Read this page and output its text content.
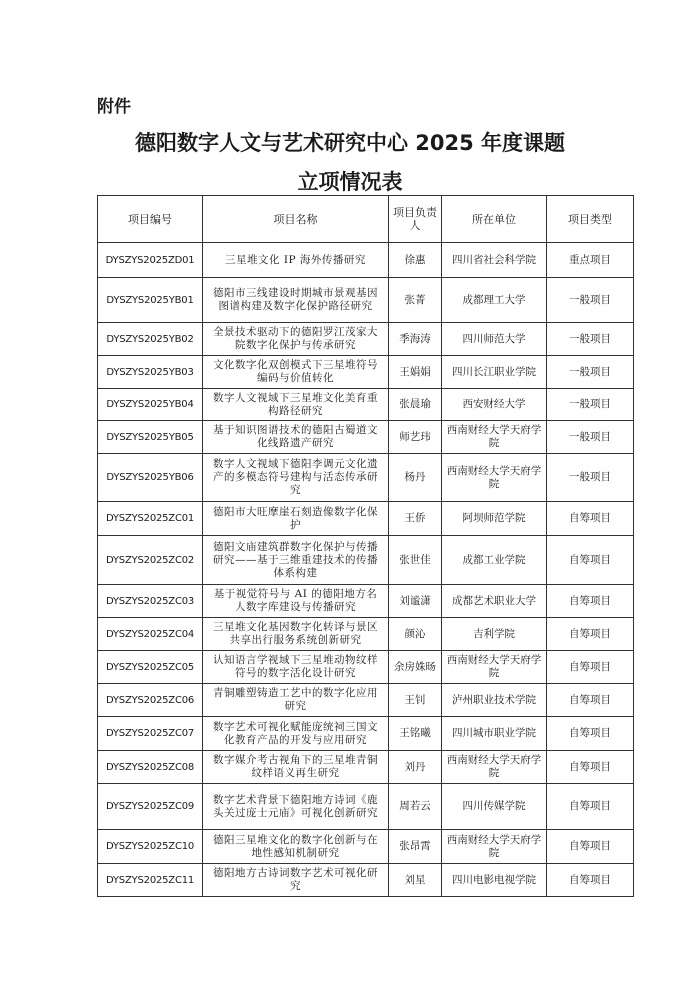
附件
德阳数字人文与艺术研究中心 2025 年度课题
立项情况表
项目编号	项目名称	项目负责人	所在单位	项目类型
DYSZYS2025ZD01	三星堆文化 IP 海外传播研究	徐惠	四川省社会科学院	重点项目
DYSZYS2025YB01	德阳市三线建设时期城市景观基因图谱构建及数字化保护路径研究	张菁	成都理工大学	一般项目
DYSZYS2025YB02	全景技术驱动下的德阳罗江茂家大院数字化保护与传承研究	季海涛	四川师范大学	一般项目
DYSZYS2025YB03	文化数字化双创模式下三星堆符号编码与价值转化	王娟娟	四川长江职业学院	一般项目
DYSZYS2025YB04	数字人文视域下三星堆文化美育重构路径研究	张晨瑜	西安财经大学	一般项目
DYSZYS2025YB05	基于知识图谱技术的德阳古蜀道文化线路遗产研究	师艺玮	西南财经大学天府学院	一般项目
DYSZYS2025YB06	数字人文视域下德阳李调元文化遗产的多模态符号建构与活态传承研究	杨丹	西南财经大学天府学院	一般项目
DYSZYS2025ZC01	德阳市大旺摩崖石刻造像数字化保护	王侨	阿坝师范学院	自筹项目
DYSZYS2025ZC02	德阳文庙建筑群数字化保护与传播研究——基于三维重建技术的传播体系构建	张世佳	成都工业学院	自筹项目
DYSZYS2025ZC03	基于视觉符号与 AI 的德阳地方名人数字库建设与传播研究	刘谧潇	成都艺术职业大学	自筹项目
DYSZYS2025ZC04	三星堆文化基因数字化转译与景区共享出行服务系统创新研究	颜沁	吉利学院	自筹项目
DYSZYS2025ZC05	认知语言学视域下三星堆动物纹样符号的数字活化设计研究	余房姝旸	西南财经大学天府学院	自筹项目
DYSZYS2025ZC06	青铜雕塑铸造工艺中的数字化应用研究	王钊	泸州职业技术学院	自筹项目
DYSZYS2025ZC07	数字艺术可视化赋能庞统祠三国文化教育产品的开发与应用研究	王铭曦	四川城市职业学院	自筹项目
DYSZYS2025ZC08	数字媒介考古视角下的三星堆青铜纹样语义再生研究	刘丹	西南财经大学天府学院	自筹项目
DYSZYS2025ZC09	数字艺术背景下德阳地方诗词《鹿头关过庞士元庙》可视化创新研究	周若云	四川传媒学院	自筹项目
DYSZYS2025ZC10	德阳三星堆文化的数字化创新与在地性感知机制研究	张昂霄	西南财经大学天府学院	自筹项目
DYSZYS2025ZC11	德阳地方古诗词数字艺术可视化研究	刘星	四川电影电视学院	自筹项目
